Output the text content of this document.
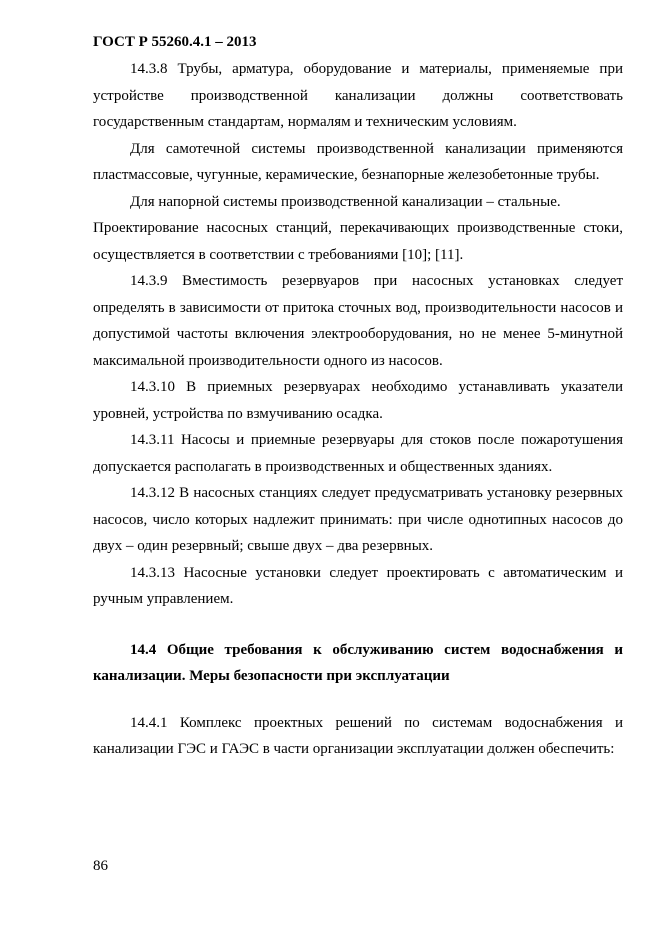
ГОСТ Р 55260.4.1 – 2013

14.3.8 Трубы, арматура, оборудование и материалы, применяемые при устройстве производственной канализации должны соответствовать государственным стандартам, нормалям и техническим условиям.

Для самотечной системы производственной канализации применяются пластмассовые, чугунные, керамические, безнапорные железобетонные трубы.

Для напорной системы производственной канализации – стальные.

Проектирование насосных станций, перекачивающих производственные стоки, осуществляется в соответствии с требованиями [10]; [11].

14.3.9 Вместимость резервуаров при насосных установках следует определять в зависимости от притока сточных вод, производительности насосов и допустимой частоты включения электрооборудования, но не менее 5-минутной максимальной производительности одного из насосов.

14.3.10 В приемных резервуарах необходимо устанавливать указатели уровней, устройства по взмучиванию осадка.

14.3.11 Насосы и приемные резервуары для стоков после пожаротушения допускается располагать в производственных и общественных зданиях.

14.3.12 В насосных станциях следует предусматривать установку резервных насосов, число которых надлежит принимать: при числе однотипных насосов до двух – один резервный; свыше двух – два резервных.

14.3.13 Насосные установки следует проектировать с автоматическим и ручным управлением.

14.4 Общие требования к обслуживанию систем водоснабжения и канализации. Меры безопасности при эксплуатации

14.4.1 Комплекс проектных решений по системам водоснабжения и канализации ГЭС и ГАЭС в части организации эксплуатации должен обеспечить:

86
